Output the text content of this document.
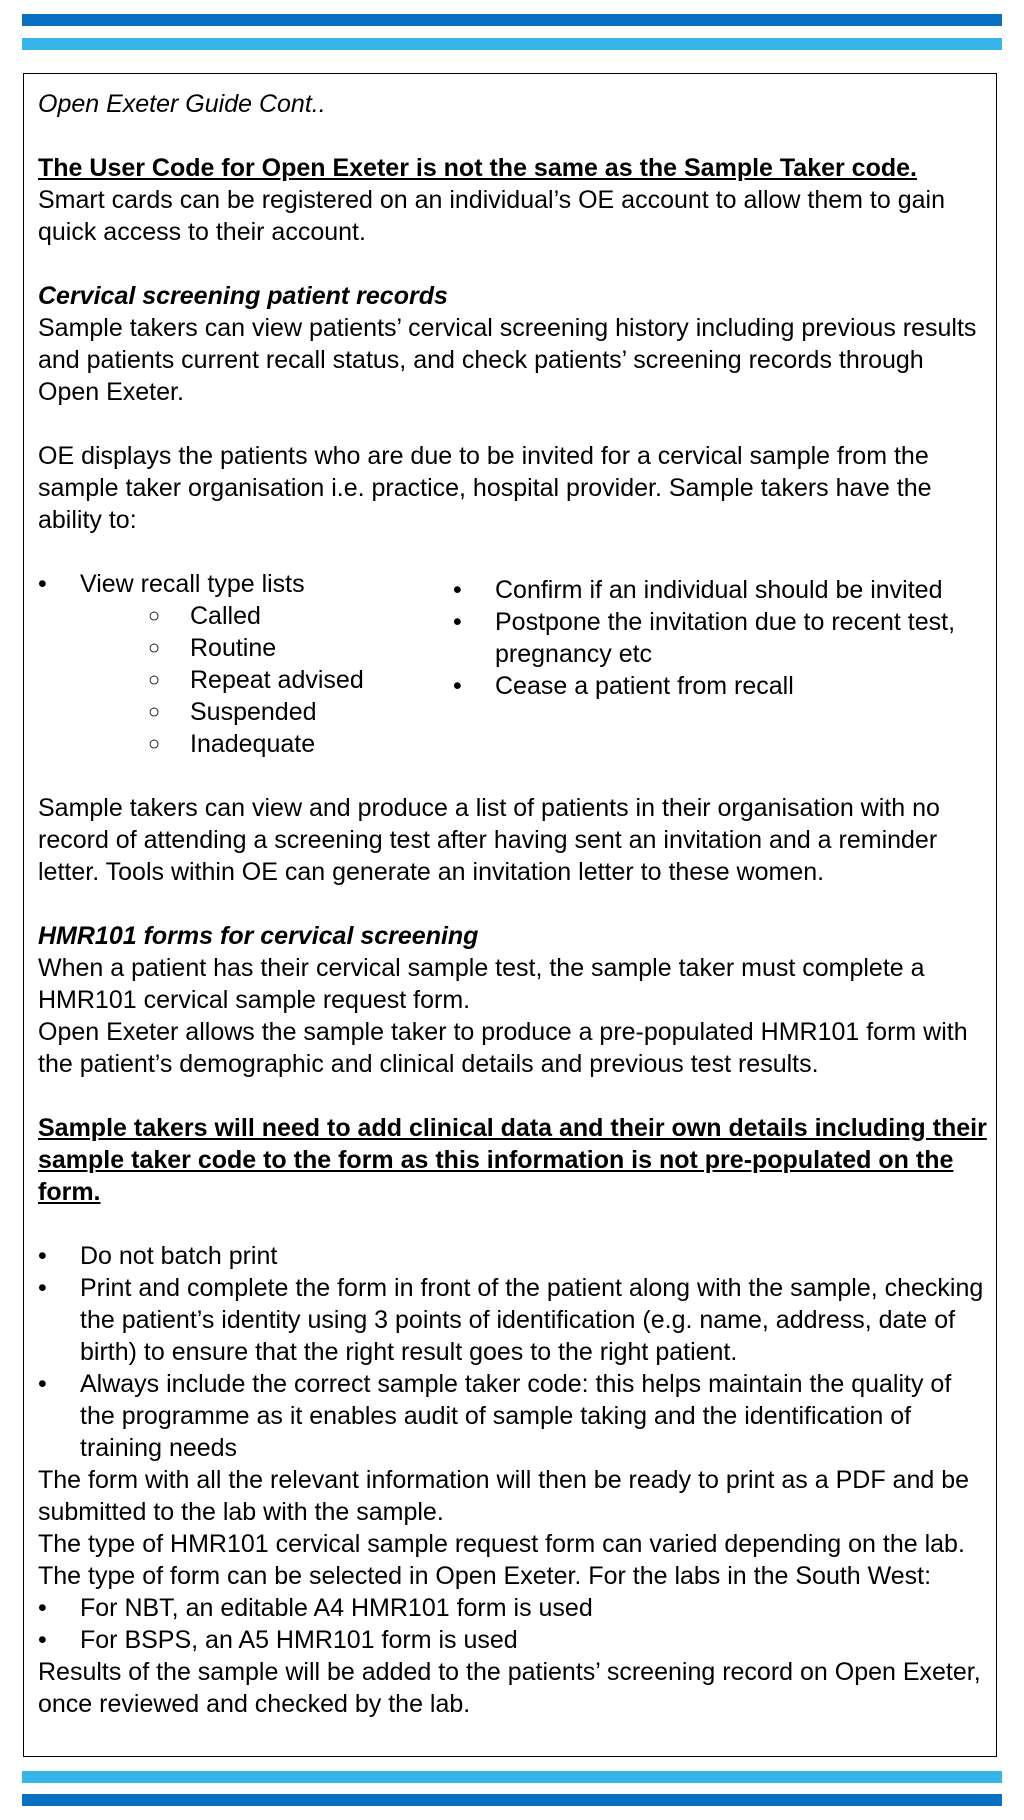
Open Exeter Guide Cont..

The User Code for Open Exeter is not the same as the Sample Taker code.

Smart cards can be registered on an individual’s OE account to allow them to gain quick access to their account.

Cervical screening patient records

Sample takers can view patients’ cervical screening history including previous results and patients current recall status, and check patients’ screening records through Open Exeter.

OE displays the patients who are due to be invited for a cervical sample from the sample taker organisation i.e. practice, hospital provider. Sample takers have the ability to:

• View recall type lists
○ Called
○ Routine
○ Repeat advised
○ Suspended
○ Inadequate
• Confirm if an individual should be invited
• Postpone the invitation due to recent test, pregnancy etc
• Cease a patient from recall

Sample takers can view and produce a list of patients in their organisation with no record of attending a screening test after having sent an invitation and a reminder letter. Tools within OE can generate an invitation letter to these women.

HMR101 forms for cervical screening

When a patient has their cervical sample test, the sample taker must complete a HMR101 cervical sample request form.

Open Exeter allows the sample taker to produce a pre-populated HMR101 form with the patient’s demographic and clinical details and previous test results.

Sample takers will need to add clinical data and their own details including their sample taker code to the form as this information is not pre-populated on the form.

• Do not batch print
• Print and complete the form in front of the patient along with the sample, checking the patient’s identity using 3 points of identification (e.g. name, address, date of birth) to ensure that the right result goes to the right patient.
• Always include the correct sample taker code: this helps maintain the quality of the programme as it enables audit of sample taking and the identification of training needs

The form with all the relevant information will then be ready to print as a PDF and be submitted to the lab with the sample.

The type of HMR101 cervical sample request form can varied depending on the lab. The type of form can be selected in Open Exeter. For the labs in the South West:

• For NBT, an editable A4 HMR101 form is used
• For BSPS, an A5 HMR101 form is used

Results of the sample will be added to the patients’ screening record on Open Exeter, once reviewed and checked by the lab.
